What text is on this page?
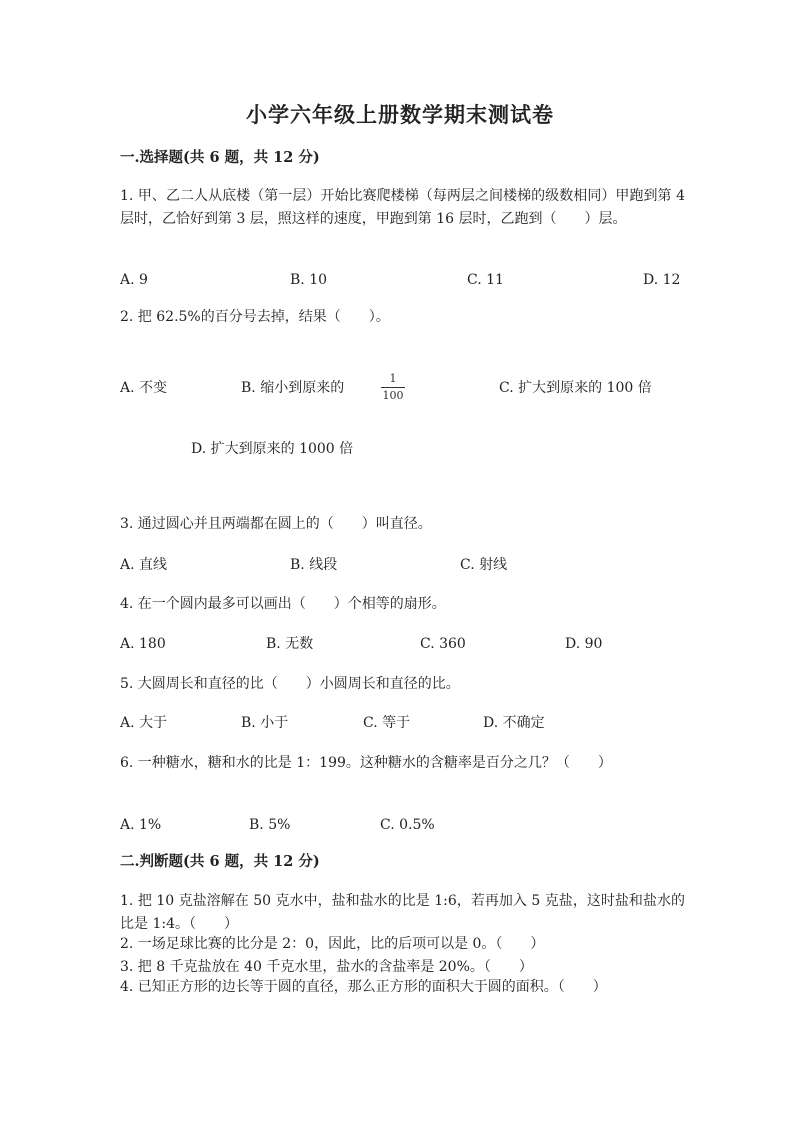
小学六年级上册数学期末测试卷
一.选择题(共 6 题，共 12 分)
1. 甲、乙二人从底楼（第一层）开始比赛爬楼梯（每两层之间楼梯的级数相同）甲跑到第 4 层时，乙恰好到第 3 层，照这样的速度，甲跑到第 16 层时，乙跑到（　　）层。
A. 9	B. 10	C. 11	D. 12
2. 把 62.5%的百分号去掉，结果（　　）。
A. 不变	B. 缩小到原来的
1
100	C. 扩大到原来的 100 倍
D. 扩大到原来的 1000 倍
3. 通过圆心并且两端都在圆上的（　　）叫直径。
A. 直线	B. 线段	C. 射线
4. 在一个圆内最多可以画出（　　）个相等的扇形。
A. 180	B. 无数	C. 360	D. 90
5. 大圆周长和直径的比（　　）小圆周长和直径的比。
A. 大于	B. 小于	C. 等于	D. 不确定
6. 一种糖水，糖和水的比是 1：199。这种糖水的含糖率是百分之几？（　　）
A. 1%	B. 5%	C. 0.5%
二.判断题(共 6 题，共 12 分)
1. 把 10 克盐溶解在 50 克水中，盐和盐水的比是 1:6，若再加入 5 克盐，这时盐和盐水的比是 1:4。（　　）
2. 一场足球比赛的比分是 2：0，因此，比的后项可以是 0。（　　）
3. 把 8 千克盐放在 40 千克水里，盐水的含盐率是 20%。（　　）
4. 已知正方形的边长等于圆的直径，那么正方形的面积大于圆的面积。（　　）
